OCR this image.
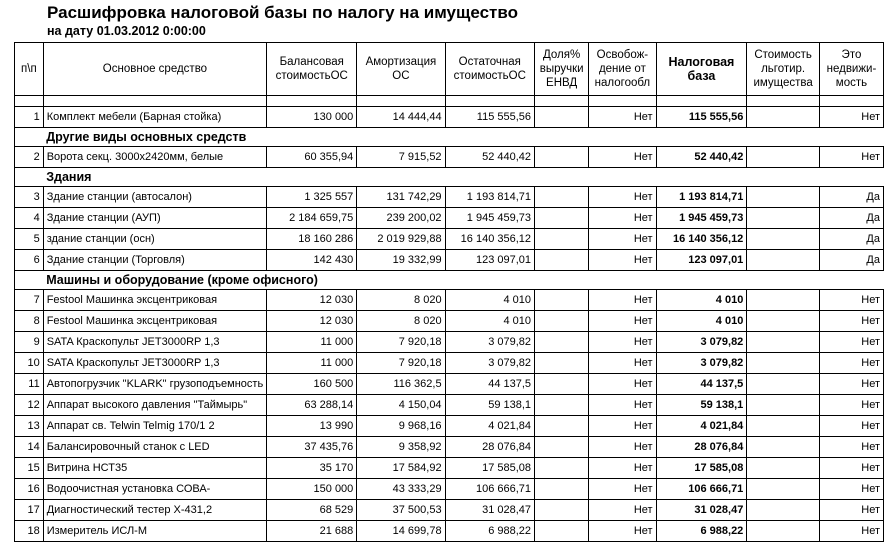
Расшифровка налоговой базы по налогу на имущество
на дату 01.03.2012 0:00:00
п\п	Основное средство	Балансовая стоимостьОС	Амортизация ОС	Остаточная стоимостьОС	Доля% выручки ЕНВД	Освобож-дение от налогообл	Налоговая база	Стоимость льготир. имущества	Это недвижи-мость

1	Комплект мебели (Барная стойка)	130 000	14 444,44	115 555,56		Нет	115 555,56		Нет
	Другие виды основных средств								
2	Ворота секц. 3000х2420мм, белые	60 355,94	7 915,52	52 440,42		Нет	52 440,42		Нет
	Здания								
3	Здание станции (автосалон)	1 325 557	131 742,29	1 193 814,71		Нет	1 193 814,71		Да
4	Здание станции (АУП)	2 184 659,75	239 200,02	1 945 459,73		Нет	1 945 459,73		Да
5	здание станции (осн)	18 160 286	2 019 929,88	16 140 356,12		Нет	16 140 356,12		Да
6	Здание станции (Торговля)	142 430	19 332,99	123 097,01		Нет	123 097,01		Да
	Машины и оборудование (кроме офисного)								
7	Festool Машинка эксцентриковая	12 030	8 020	4 010		Нет	4 010		Нет
8	Festool Машинка эксцентриковая	12 030	8 020	4 010		Нет	4 010		Нет
9	SATA Краскопульт JET3000RP 1,3	11 000	7 920,18	3 079,82		Нет	3 079,82		Нет
10	SATA Краскопульт JET3000RP 1,3	11 000	7 920,18	3 079,82		Нет	3 079,82		Нет
11	Автопогрузчик "KLARK" грузоподъемность	160 500	116 362,5	44 137,5		Нет	44 137,5		Нет
12	Аппарат высокого давления "Таймырь"	63 288,14	4 150,04	59 138,1		Нет	59 138,1		Нет
13	Аппарат св. Telwin Telmig 170/1 2	13 990	9 968,16	4 021,84		Нет	4 021,84		Нет
14	Балансировочный станок с LED	37 435,76	9 358,92	28 076,84		Нет	28 076,84		Нет
15	Витрина НСТ35	35 170	17 584,92	17 585,08		Нет	17 585,08		Нет
16	Водоочистная установка СОВА-	150 000	43 333,29	106 666,71		Нет	106 666,71		Нет
17	Диагностический тестер X-431,2	68 529	37 500,53	31 028,47		Нет	31 028,47		Нет
18	Измеритель ИСЛ-М	21 688	14 699,78	6 988,22		Нет	6 988,22		Нет
